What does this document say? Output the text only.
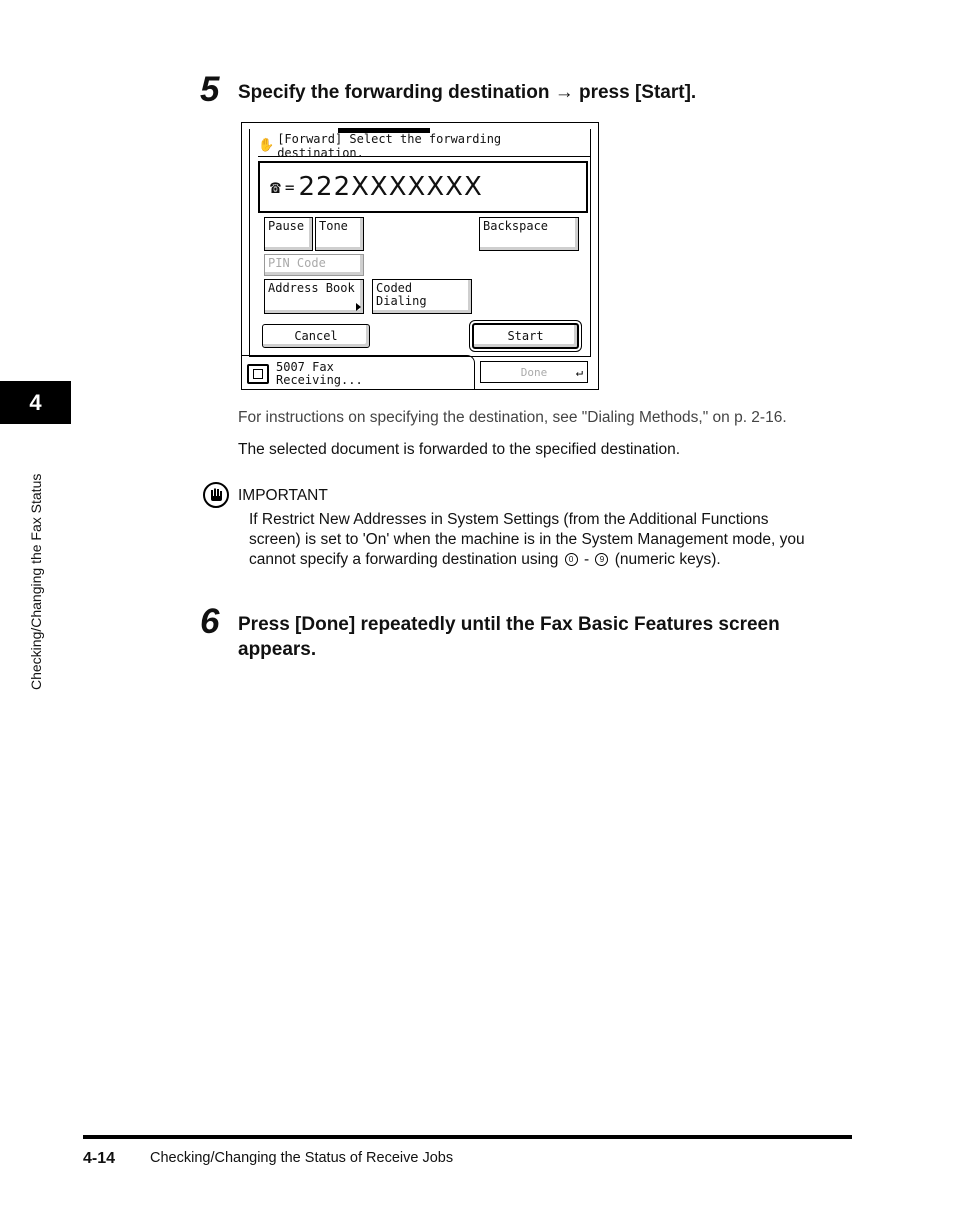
4
Checking/Changing the Fax Status
5 Specify the forwarding destination → press [Start].
✋ [Forward] Select the forwarding destination.
☎ = 222XXXXXXX
Pause	Tone	Backspace
PIN Code
Address Book	Coded
Dialing
Cancel	Start
5007 Fax
Receiving...
Done ↵
For instructions on specifying the destination, see "Dialing Methods," on p. 2-16.
The selected document is forwarded to the specified destination.
IMPORTANT
If Restrict New Addresses in System Settings (from the Additional Functions
screen) is set to 'On' when the machine is in the System Management mode, you
cannot specify a forwarding destination using 0 - 9 (numeric keys).
6 Press [Done] repeatedly until the Fax Basic Features screen
appears.
4-14 Checking/Changing the Status of Receive Jobs
